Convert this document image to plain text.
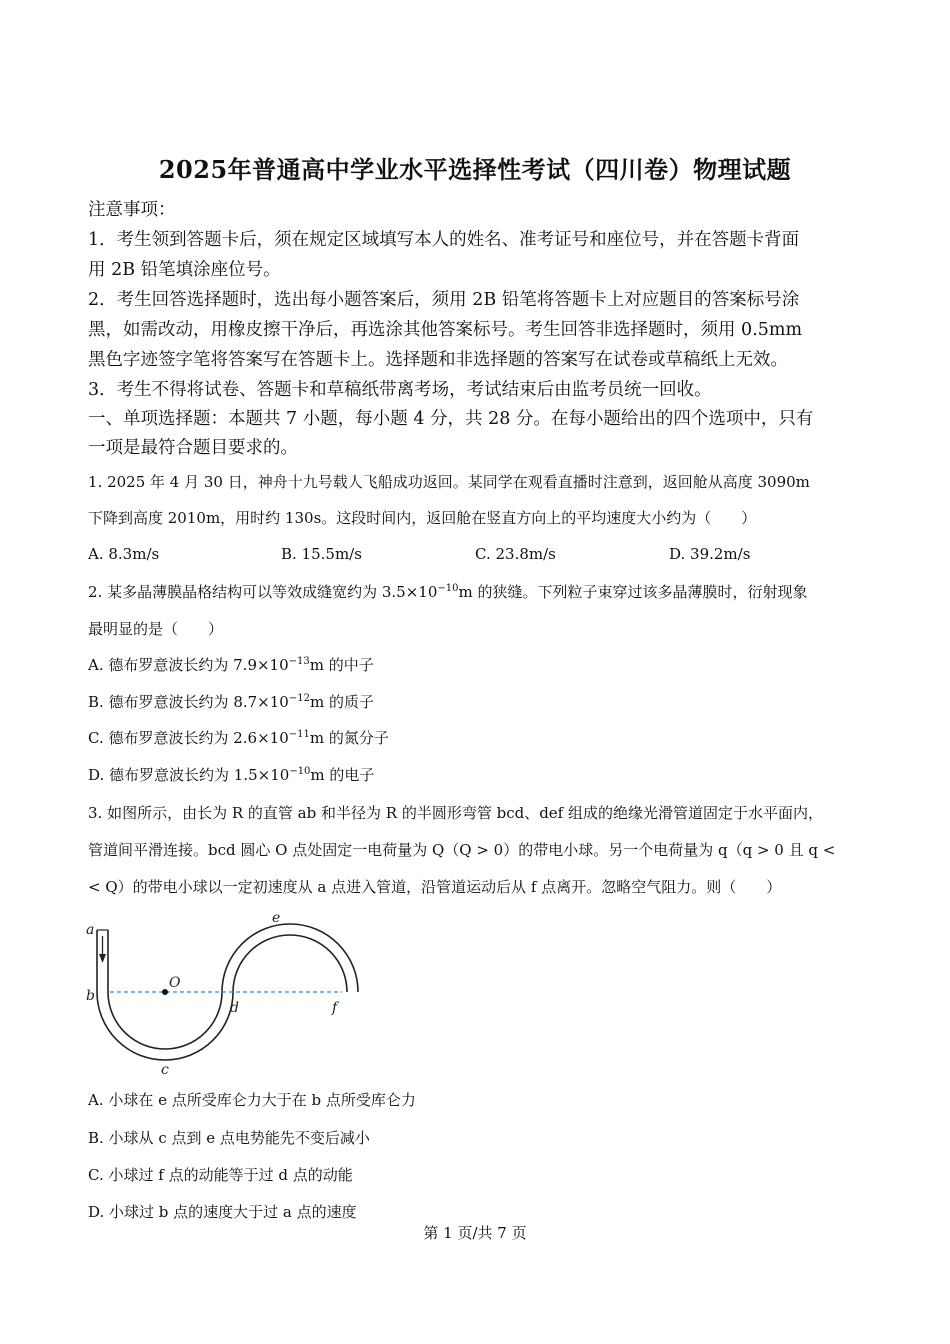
2025年普通高中学业水平选择性考试（四川卷）物理试题
注意事项：
1．考生领到答题卡后，须在规定区域填写本人的姓名、准考证号和座位号，并在答题卡背面
用 2B 铅笔填涂座位号。
2．考生回答选择题时，选出每小题答案后，须用 2B 铅笔将答题卡上对应题目的答案标号涂
黑，如需改动，用橡皮擦干净后，再选涂其他答案标号。考生回答非选择题时，须用 0.5mm
黑色字迹签字笔将答案写在答题卡上。选择题和非选择题的答案写在试卷或草稿纸上无效。
3．考生不得将试卷、答题卡和草稿纸带离考场，考试结束后由监考员统一回收。
一、单项选择题：本题共 7 小题，每小题 4 分，共 28 分。在每小题给出的四个选项中，只有
一项是最符合题目要求的。
1. 2025 年 4 月 30 日，神舟十九号载人飞船成功返回。某同学在观看直播时注意到，返回舱从高度 3090m
下降到高度 2010m，用时约 130s。这段时间内，返回舱在竖直方向上的平均速度大小约为（　　）
A. 8.3m/s	B. 15.5m/s	C. 23.8m/s	D. 39.2m/s
2. 某多晶薄膜晶格结构可以等效成缝宽约为 $3.5\times 10^{-10}m$ 的狭缝。下列粒子束穿过该多晶薄膜时，衍射现象
最明显的是（　　）
A. 德布罗意波长约为 $7.9\times 10^{-13}m$ 的中子
B. 德布罗意波长约为 $8.7\times 10^{-12}m$ 的质子
C. 德布罗意波长约为 $2.6\times 10^{-11}m$ 的氮分子
D. 德布罗意波长约为 $1.5\times 10^{-10}m$ 的电子
3. 如图所示，由长为 R 的直管 ab 和半径为 R 的半圆形弯管 bcd、def 组成的绝缘光滑管道固定于水平面内，
管道间平滑连接。bcd 圆心 O 点处固定一电荷量为 Q（Q > 0）的带电小球。另一个电荷量为 q（q > 0 且 q <
< Q）的带电小球以一定初速度从 a 点进入管道，沿管道运动后从 f 点离开。忽略空气阻力。则（　　）
a
b
O
d
e
f
c
A. 小球在 e 点所受库仑力大于在 b 点所受库仑力
B. 小球从 c 点到 e 点电势能先不变后减小
C. 小球过 f 点的动能等于过 d 点的动能
D. 小球过 b 点的速度大于过 a 点的速度
第 1 页/共 7 页
